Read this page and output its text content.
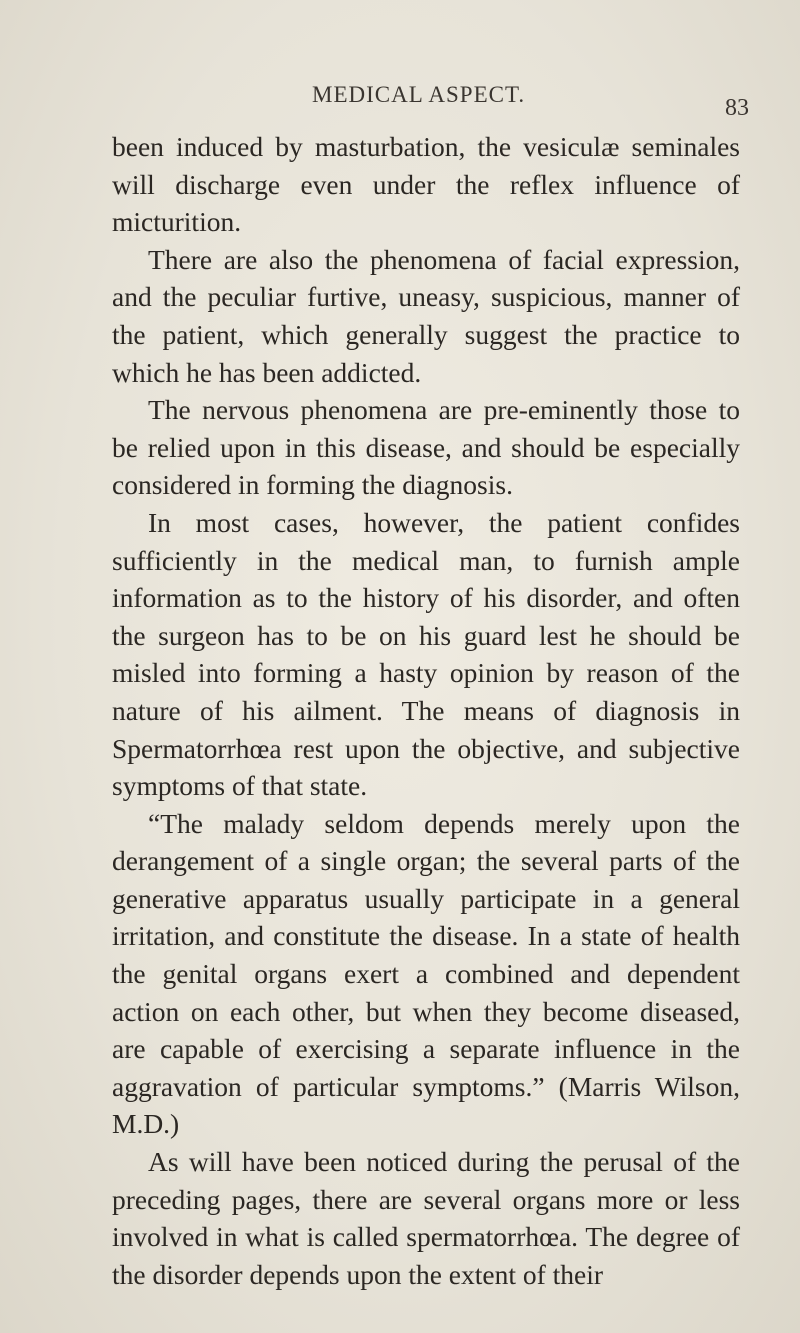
MEDICAL ASPECT.
83

been induced by masturbation, the vesiculæ seminales will discharge even under the reflex influence of micturition.

There are also the phenomena of facial expression, and the peculiar furtive, uneasy, suspicious, manner of the patient, which generally suggest the practice to which he has been addicted.

The nervous phenomena are pre-eminently those to be relied upon in this disease, and should be especially considered in forming the diagnosis.

In most cases, however, the patient confides sufficiently in the medical man, to furnish ample information as to the history of his disorder, and often the surgeon has to be on his guard lest he should be misled into forming a hasty opinion by reason of the nature of his ailment. The means of diagnosis in Spermatorrhœa rest upon the objective, and subjective symptoms of that state.

“The malady seldom depends merely upon the derangement of a single organ; the several parts of the generative apparatus usually participate in a general irritation, and constitute the disease. In a state of health the genital organs exert a combined and dependent action on each other, but when they become diseased, are capable of exercising a separate influence in the aggravation of particular symptoms.” (Marris Wilson, M.D.)

As will have been noticed during the perusal of the preceding pages, there are several organs more or less involved in what is called spermatorrhœa. The degree of the disorder depends upon the extent of their
